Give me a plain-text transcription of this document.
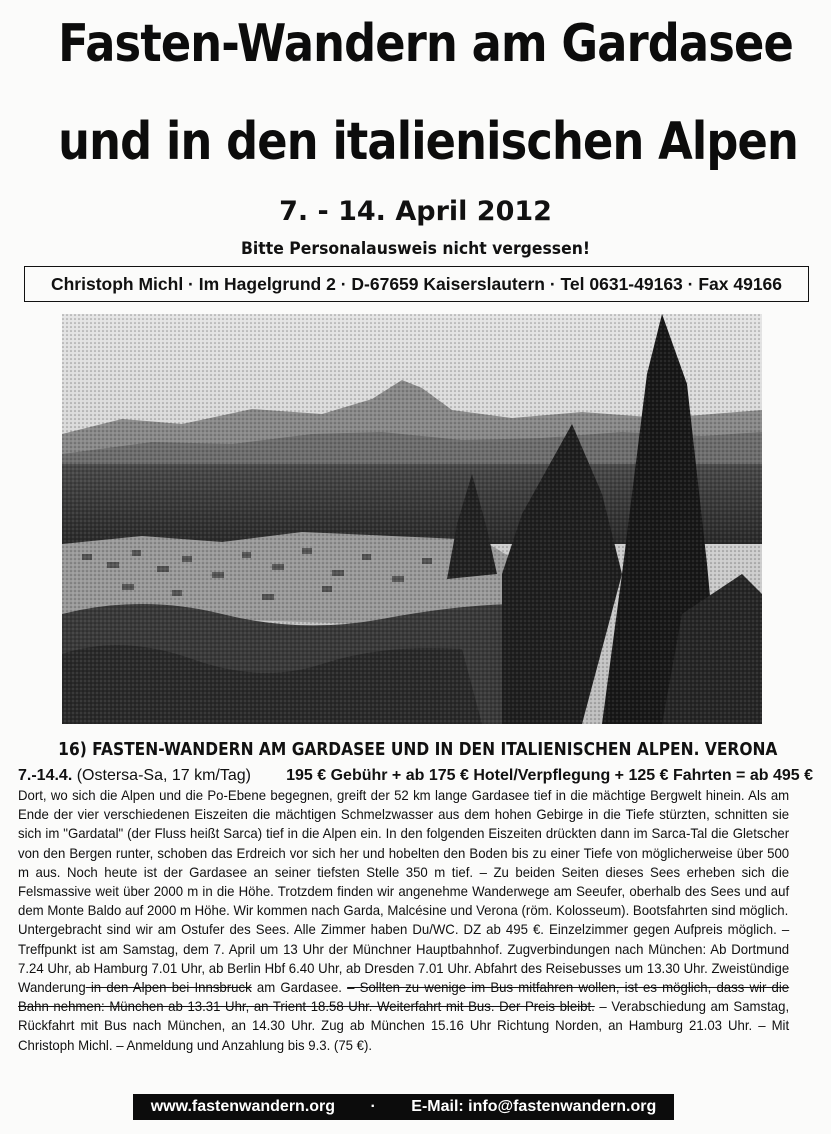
Fasten-Wandern am Gardasee
und in den italienischen Alpen
7. - 14. April 2012
Bitte Personalausweis nicht vergessen!
Christoph Michl · Im Hagelgrund 2 · D-67659 Kaiserslautern · Tel 0631-49163 · Fax 49166
16) FASTEN-WANDERN AM GARDASEE UND IN DEN ITALIENISCHEN ALPEN. VERONA
7.-14.4. (Ostersa-Sa, 17 km/Tag) 195 € Gebühr + ab 175 € Hotel/Verpflegung + 125 € Fahrten = ab 495 €

Dort, wo sich die Alpen und die Po-Ebene begegnen, greift der 52 km lange Gardasee tief in die mächtige Bergwelt hinein. Als am Ende der vier verschiedenen Eiszeiten die mächtigen Schmelzwasser aus dem hohen Gebirge in die Tiefe stürzten, schnitten sie sich im "Gardatal" (der Fluss heißt Sarca) tief in die Alpen ein. In den folgenden Eiszeiten drückten dann im Sarca-Tal die Gletscher von den Bergen runter, schoben das Erdreich vor sich her und hobelten den Boden bis zu einer Tiefe von möglicherweise über 500 m aus. Noch heute ist der Gardasee an seiner tiefsten Stelle 350 m tief. – Zu beiden Seiten dieses Sees erheben sich die Felsmassive weit über 2000 m in die Höhe. Trotzdem finden wir angenehme Wanderwege am Seeufer, oberhalb des Sees und auf dem Monte Baldo auf 2000 m Höhe. Wir kommen nach Garda, Malcésine und Verona (röm. Kolosseum). Bootsfahrten sind möglich.

Untergebracht sind wir am Ostufer des Sees. Alle Zimmer haben Du/WC. DZ ab 495 €. Einzelzimmer gegen Aufpreis möglich. – Treffpunkt ist am Samstag, dem 7. April um 13 Uhr der Münchner Hauptbahnhof. Zugverbindungen nach München: Ab Dortmund 7.24 Uhr, ab Hamburg 7.01 Uhr, ab Berlin Hbf 6.40 Uhr, ab Dresden 7.01 Uhr. Abfahrt des Reisebusses um 13.30 Uhr. Zweistündige Wanderung in den Alpen bei Innsbruck am Gardasee. – Sollten zu wenige im Bus mitfahren wollen, ist es möglich, dass wir die Bahn nehmen: München ab 13.31 Uhr, an Trient 18.58 Uhr. Weiterfahrt mit Bus. Der Preis bleibt. – Verabschiedung am Samstag, Rückfahrt mit Bus nach München, an 14.30 Uhr. Zug ab München 15.16 Uhr Richtung Norden, an Hamburg 21.03 Uhr. – Mit Christoph Michl. – Anmeldung und Anzahlung bis 9.3. (75 €).

www.fastenwandern.org · E-Mail: info@fastenwandern.org
